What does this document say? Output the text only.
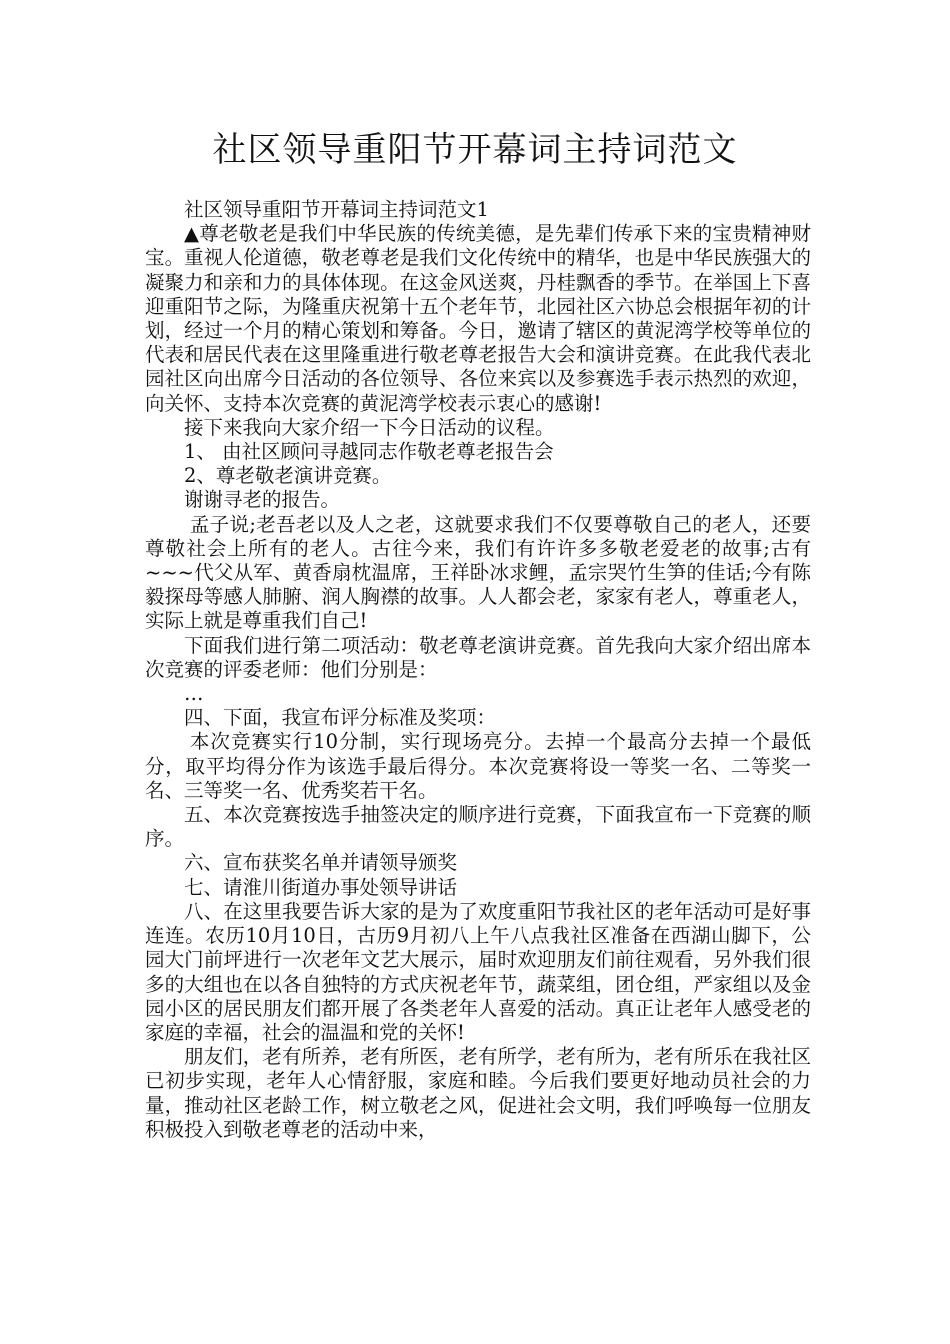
社区领导重阳节开幕词主持词范文

社区领导重阳节开幕词主持词范文1

▲尊老敬老是我们中华民族的传统美德，是先辈们传承下来的宝贵精神财宝。重视人伦道德，敬老尊老是我们文化传统中的精华，也是中华民族强大的凝聚力和亲和力的具体体现。在这金风送爽，丹桂飘香的季节。在举国上下喜迎重阳节之际，为隆重庆祝第十五个老年节，北园社区六协总会根据年初的计划，经过一个月的精心策划和筹备。今日，邀请了辖区的黄泥湾学校等单位的代表和居民代表在这里隆重进行敬老尊老报告大会和演讲竞赛。在此我代表北园社区向出席今日活动的各位领导、各位来宾以及参赛选手表示热烈的欢迎，向关怀、支持本次竞赛的黄泥湾学校表示衷心的感谢!

接下来我向大家介绍一下今日活动的议程。

1、 由社区顾问寻越同志作敬老尊老报告会

2、尊老敬老演讲竞赛。

谢谢寻老的报告。

孟子说;老吾老以及人之老，这就要求我们不仅要尊敬自己的老人，还要尊敬社会上所有的老人。古往今来，我们有许许多多敬老爱老的故事;古有~~~代父从军、黄香扇枕温席，王祥卧冰求鲤，孟宗哭竹生笋的佳话;今有陈毅探母等感人肺腑、润人胸襟的故事。人人都会老，家家有老人，尊重老人，实际上就是尊重我们自己!

下面我们进行第二项活动：敬老尊老演讲竞赛。首先我向大家介绍出席本次竞赛的评委老师：他们分别是：

…

四、下面，我宣布评分标准及奖项：

本次竞赛实行10分制，实行现场亮分。去掉一个最高分去掉一个最低分，取平均得分作为该选手最后得分。本次竞赛将设一等奖一名、二等奖一名、三等奖一名、优秀奖若干名。

五、本次竞赛按选手抽签决定的顺序进行竞赛，下面我宣布一下竞赛的顺序。

六、宣布获奖名单并请领导颁奖

七、请淮川街道办事处领导讲话

八、在这里我要告诉大家的是为了欢度重阳节我社区的老年活动可是好事连连。农历10月10日，古历9月初八上午八点我社区准备在西湖山脚下，公园大门前坪进行一次老年文艺大展示，届时欢迎朋友们前往观看，另外我们很多的大组也在以各自独特的方式庆祝老年节，蔬菜组，团仓组，严家组以及金园小区的居民朋友们都开展了各类老年人喜爱的活动。真正让老年人感受老的家庭的幸福，社会的温温和党的关怀!

朋友们，老有所养，老有所医，老有所学，老有所为，老有所乐在我社区已初步实现，老年人心情舒服，家庭和睦。今后我们要更好地动员社会的力量，推动社区老龄工作，树立敬老之风，促进社会文明，我们呼唤每一位朋友积极投入到敬老尊老的活动中来，
